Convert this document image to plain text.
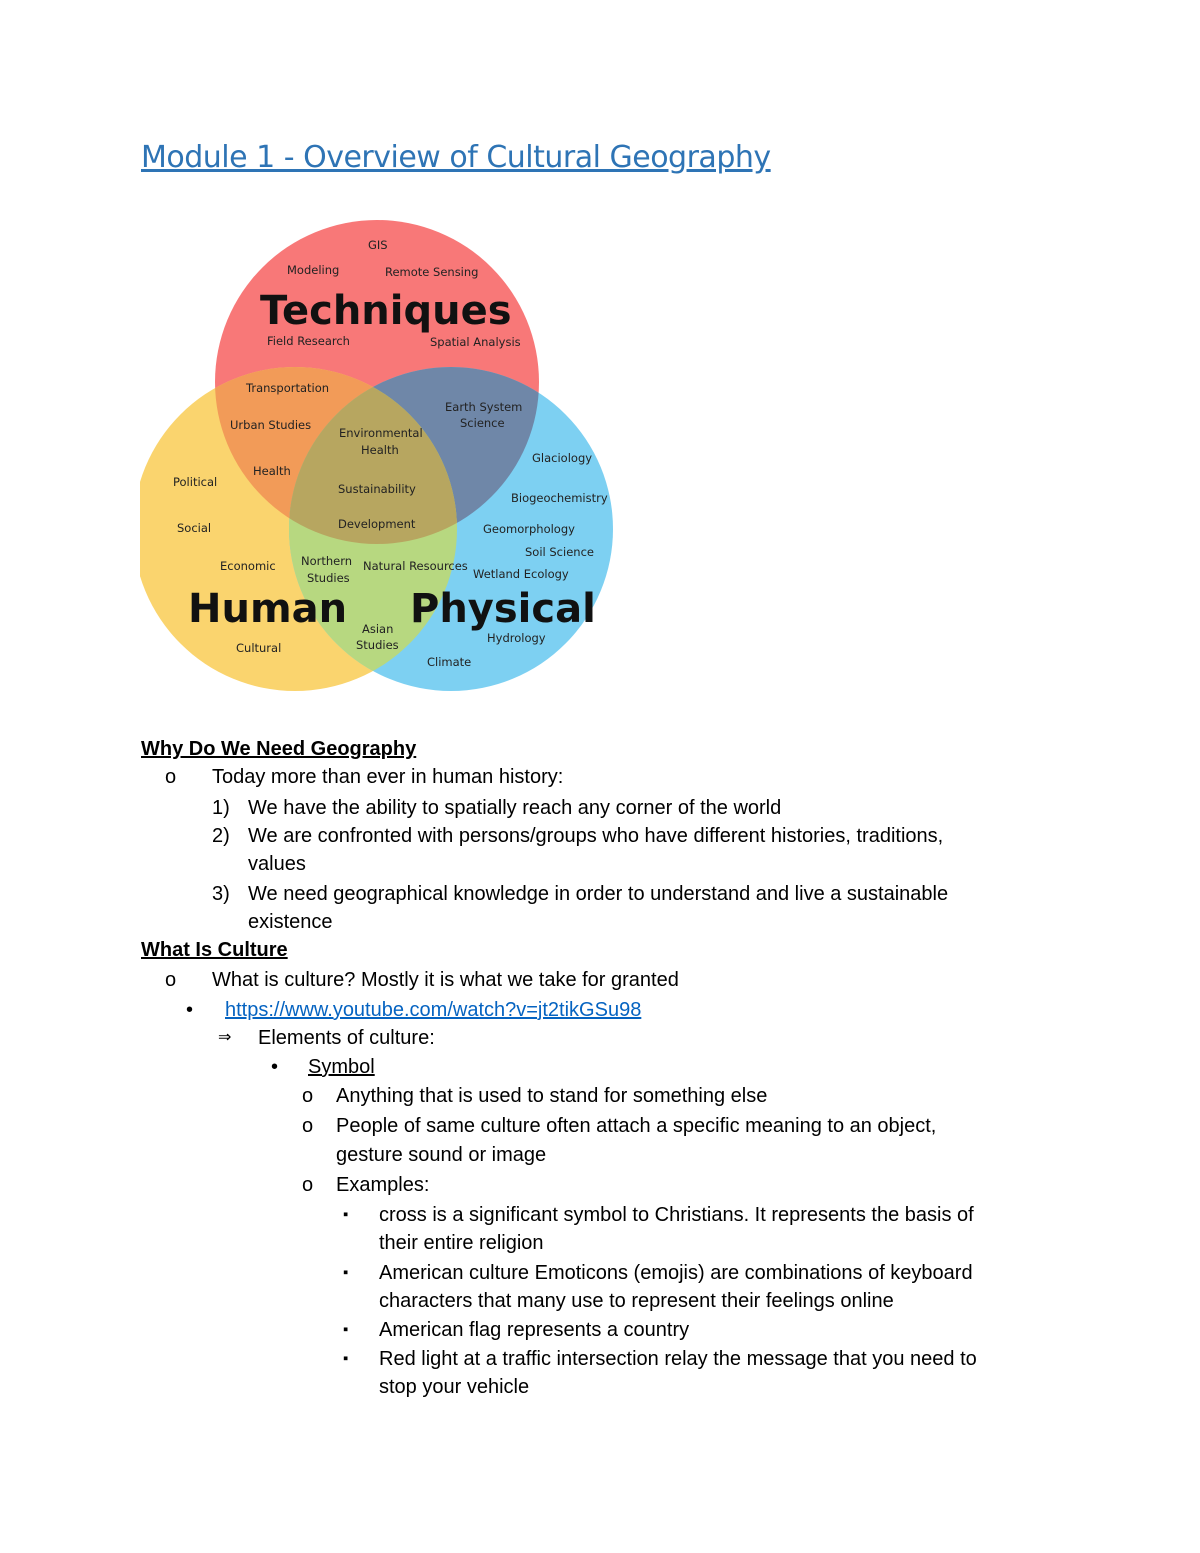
Module 1 - Overview of Cultural Geography
GIS
Modeling	Remote Sensing
Field Research	Spatial Analysis
Transportation
Urban Studies
Health
Environmental
Health
Sustainability
Development
Earth System
Science
Glaciology
Biogeochemistry
Geomorphology
Soil Science
Wetland Ecology
Hydrology
Climate
Political
Social
Economic
Cultural
Northern
Studies
Natural Resources
Asian
Studies
Techniques
Human Physical
Why Do We Need Geography
o Today more than ever in human history:
1) We have the ability to spatially reach any corner of the world
2) We are confronted with persons/groups who have different histories, traditions,
values
3) We need geographical knowledge in order to understand and live a sustainable
existence
What Is Culture
o What is culture? Mostly it is what we take for granted
• https://www.youtube.com/watch?v=jt2tikGSu98
⇒ Elements of culture:
• Symbol
o Anything that is used to stand for something else
o People of same culture often attach a specific meaning to an object,
gesture sound or image
o Examples:
▪ cross is a significant symbol to Christians. It represents the basis of
their entire religion
▪ American culture Emoticons (emojis) are combinations of keyboard
characters that many use to represent their feelings online
▪ American flag represents a country
▪ Red light at a traffic intersection relay the message that you need to
stop your vehicle
